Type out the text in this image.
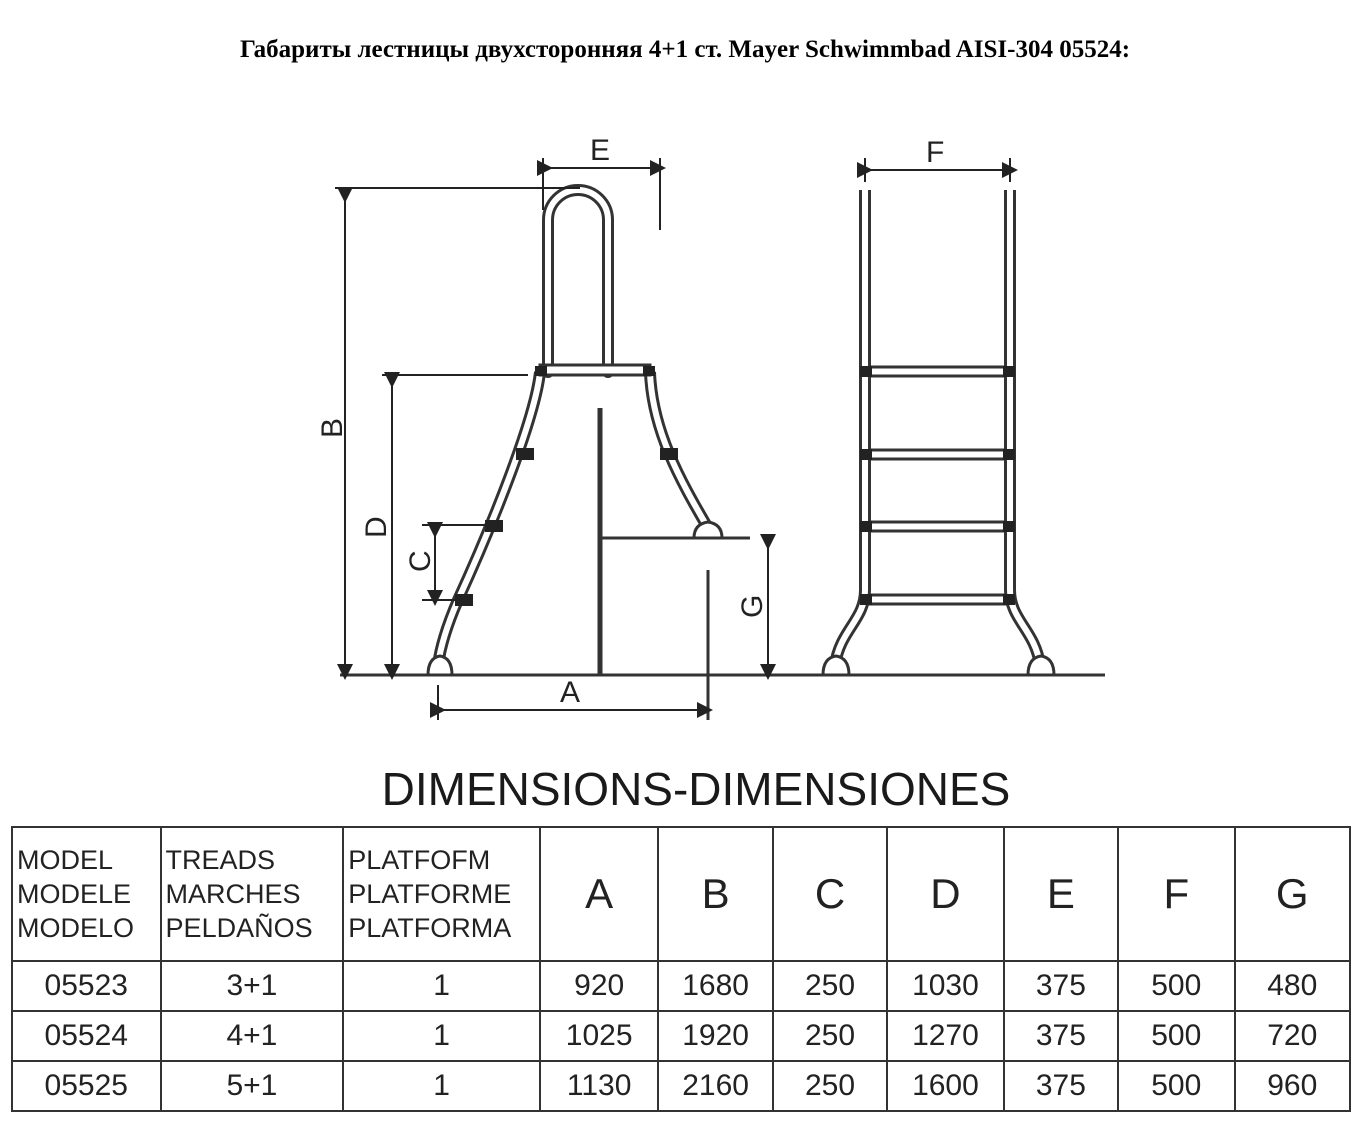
Габариты лестницы двухсторонняя 4+1 ст. Mayer Schwimmbad AISI-304 05524:
B
D
C
G
A
E	F
DIMENSIONS-DIMENSIONES
MODEL
MODELE
MODELO	TREADS
MARCHES
PELDAÑOS	PLATFOFM
PLATFORME
PLATFORMA	A	B	C	D	E	F	G
05523	3+1	1	920	1680	250	1030	375	500	480
05524	4+1	1	1025	1920	250	1270	375	500	720
05525	5+1	1	1130	2160	250	1600	375	500	960
